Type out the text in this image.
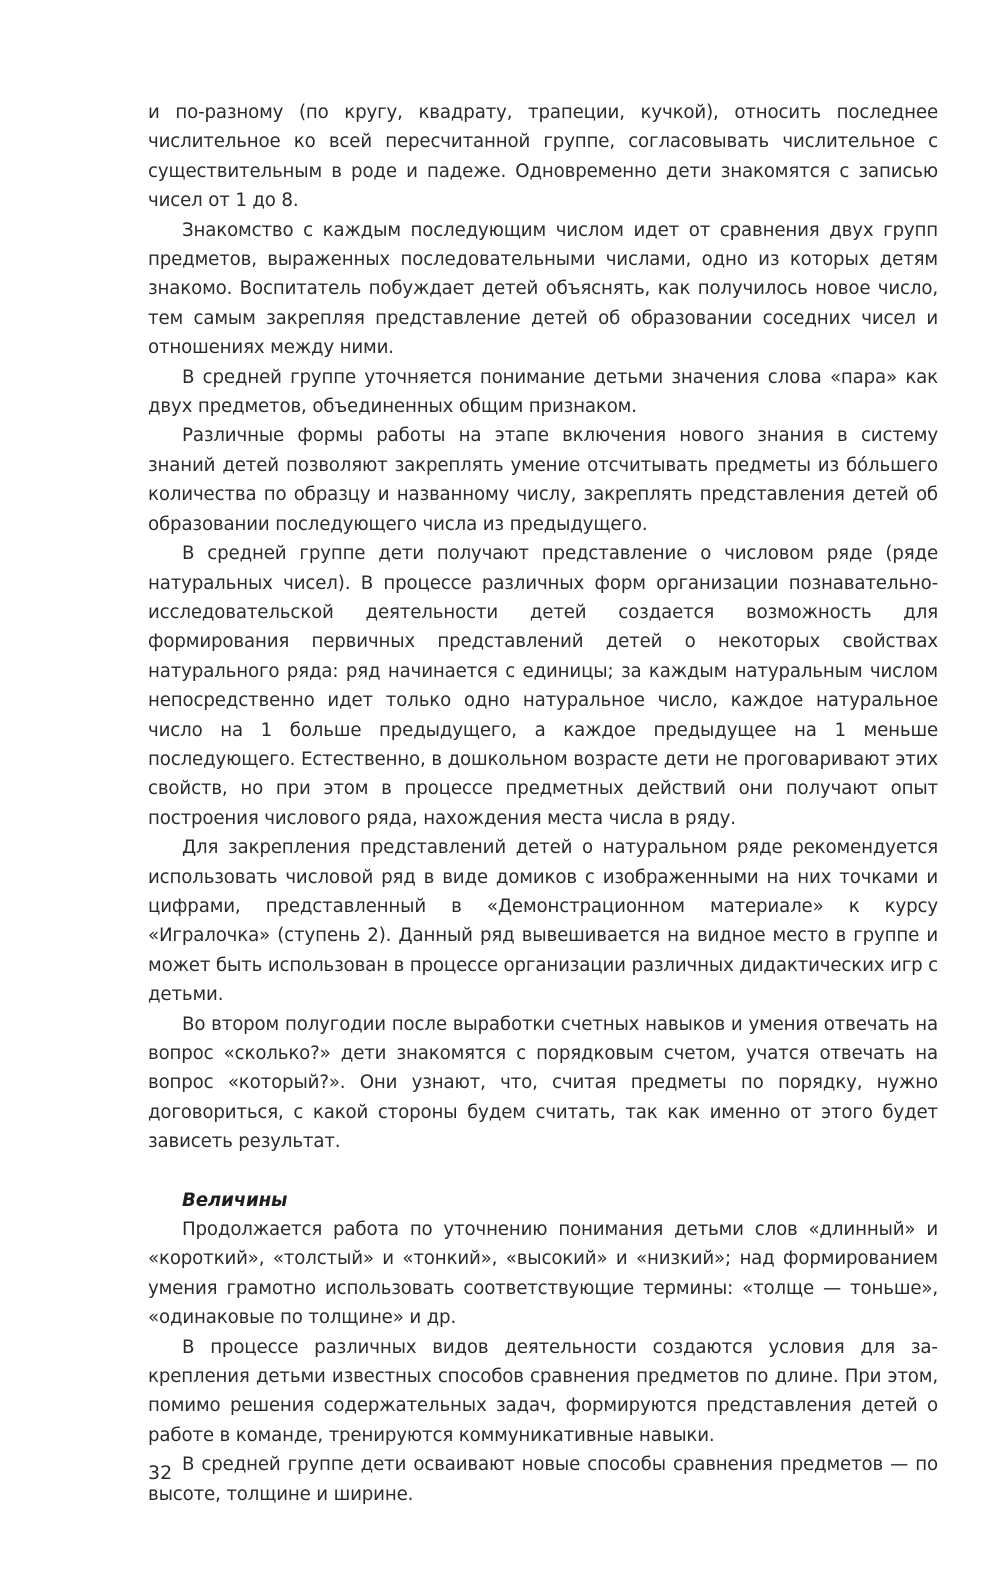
и по-разному (по кругу, квадрату, трапеции, кучкой), относить последнее числительное ко всей пересчитанной группе, согласовывать числительное с существительным в роде и падеже. Одновременно дети знакомятся с записью чисел от 1 до 8.

Знакомство с каждым последующим числом идет от сравнения двух групп предметов, выраженных последовательными числами, одно из которых детям знакомо. Воспитатель побуждает детей объяснять, как получилось новое число, тем самым закрепляя представление детей об образовании соседних чисел и отношениях между ними.

В средней группе уточняется понимание детьми значения слова «пара» как двух предметов, объединенных общим признаком.

Различные формы работы на этапе включения нового знания в систему знаний детей позволяют закреплять умение отсчитывать предметы из бóльшего количества по образцу и названному числу, закреплять представления детей об образовании последующего числа из предыдущего.

В средней группе дети получают представление о числовом ряде (ряде натуральных чисел). В процессе различных форм организации познавательно-исследовательской деятельности детей создается возможность для формирования первичных представлений детей о некоторых свойствах натурального ряда: ряд начинается с единицы; за каждым натуральным числом непосредственно идет только одно натуральное число, каждое натуральное число на 1 больше предыдущего, а каждое предыдущее на 1 меньше последующего. Естественно, в дошкольном возрасте дети не проговаривают этих свойств, но при этом в процессе предметных действий они получают опыт построения числового ряда, нахождения места числа в ряду.

Для закрепления представлений детей о натуральном ряде рекомендуется использовать числовой ряд в виде домиков с изображенными на них точками и цифрами, представленный в «Демонстрационном материале» к курсу «Игралочка» (ступень 2). Данный ряд вывешивается на видное место в группе и может быть использован в процессе организации различных дидактических игр с детьми.

Во втором полугодии после выработки счетных навыков и умения отвечать на вопрос «сколько?» дети знакомятся с порядковым счетом, учатся отвечать на вопрос «который?». Они узнают, что, считая предметы по порядку, нужно договориться, с какой стороны будем считать, так как именно от этого будет зависеть результат.

Величины

Продолжается работа по уточнению понимания детьми слов «длинный» и «короткий», «толстый» и «тонкий», «высокий» и «низкий»; над формированием умения грамотно использовать соответствующие термины: «толще — тоньше», «одинаковые по толщине» и др.

В процессе различных видов деятельности создаются условия для закрепления детьми известных способов сравнения предметов по длине. При этом, помимо решения содержательных задач, формируются представления детей о работе в команде, тренируются коммуникативные навыки.

В средней группе дети осваивают новые способы сравнения предметов — по высоте, толщине и ширине.

32
